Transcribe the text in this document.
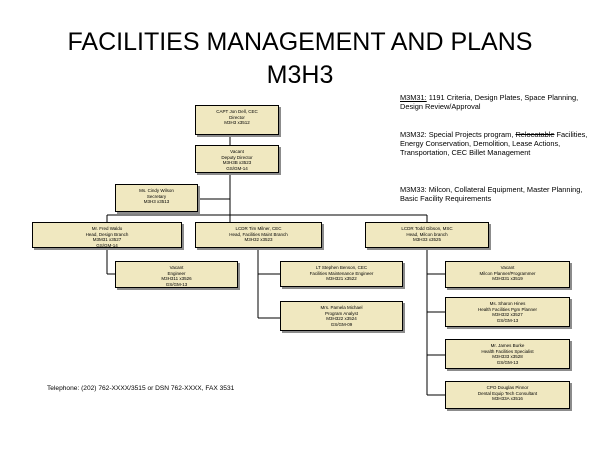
FACILITIES MANAGEMENT AND PLANS
M3H3
CAPT Jon Dell, CEC
Director
M3H3 x3512
Vacant
Deputy Director
M3H3B x3523
GS/GM-14
Ms. Cindy Wilson
Secretary
M3H3 x3513
Mr. Fred Waldo
Head, Design Branch
M3M31 x3527
GS/GM-14
LCDR Tim Milner, CEC
Head, Facilities Maint Branch
M3H32 x3523
LCDR Todd Gibson, MSC
Head, Milcon branch
M3H33 x3525
Vacant
Engineer
M3H311 x3526
GS/GM-13
LT Stephen Benson, CEC
Facilities Maintenance Engineer
M3H321 x3522
Mrs. Pamela Michael
Program Analyst
M3H322 x3524
GS/GM-09
Vacant
Milcon Planner/Programmer
M3H331 x3519
Ms. Sharon Hines
Health Facilities Pgm Planner
M3H332 x3527
GS/GM-13
Mr. James Burke
Health Facilities Specialist
M3H333 x3528
GS/GM-13
CPO Douglas Pinnor
Dental Equip Tech Consultant
M3H33A x3516
M3M31: 1191 Criteria, Design Plates, Space Planning, Design Review/Approval
M3M32: Special Projects program, Relocatable Facilities, Energy Conservation, Demolition, Lease Actions, Transportation, CEC Billet Management
M3M33: Milcon, Collateral Equipment, Master Planning, Basic Facility Requirements
Telephone: (202) 762-XXXX/3515 or DSN 762-XXXX, FAX 3531
